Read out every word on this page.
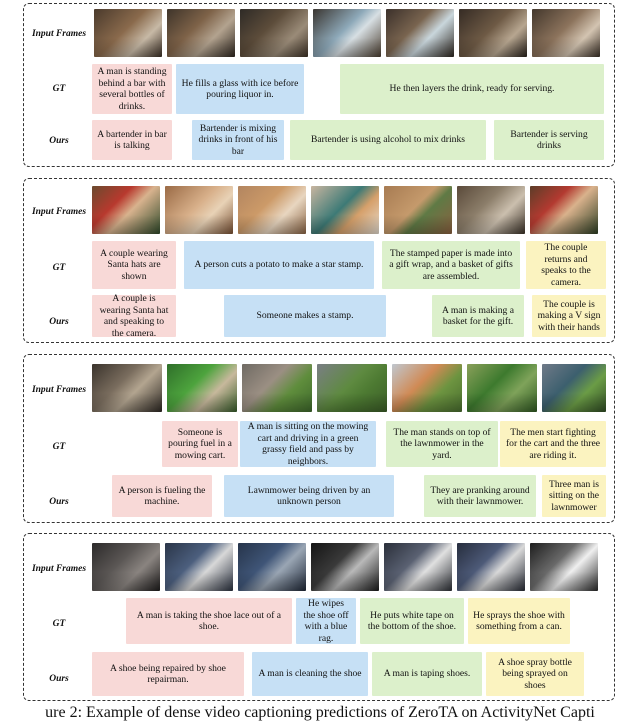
Input Frames
GT
A man is standing behind a bar with several bottles of drinks.
He fills a glass with ice before pouring liquor in.
He then layers the drink, ready for serving.
Ours
A bartender in bar is talking
Bartender is mixing drinks in front of his bar
Bartender is using alcohol to mix drinks
Bartender is serving drinks
Input Frames
GT
A couple wearing Santa hats are shown
A person cuts a potato to make a star stamp.
The stamped paper is made into a gift wrap, and a basket of gifts are assembled.
The couple returns and speaks to the camera.
Ours
A couple is wearing Santa hat and speaking to the camera.
Someone makes a stamp.
A man is making a basket for the gift.
The couple is making a V sign with their hands
Input Frames
GT
Someone is pouring fuel in a mowing cart.
A man is sitting on the mowing cart and driving in a green grassy field and pass by neighbors.
The man stands on top of the lawnmower in the yard.
The men start fighting for the cart and the three are riding it.
Ours
A person is fueling the machine.
Lawnmower being driven by an unknown person
They are pranking around with their lawnmower.
Three man is sitting on the lawnmower
Input Frames
GT
A man is taking the shoe lace out of a shoe.
He wipes the shoe off with a blue rag.
He puts white tape on the bottom of the shoe.
He sprays the shoe with something from a can.
Ours
A shoe being repaired by shoe repairman.
A man is cleaning the shoe	A man is taping shoes.
A shoe spray bottle being sprayed on shoes
ure 2: Example of dense video captioning predictions of ZeroTA on ActivityNet Capti
